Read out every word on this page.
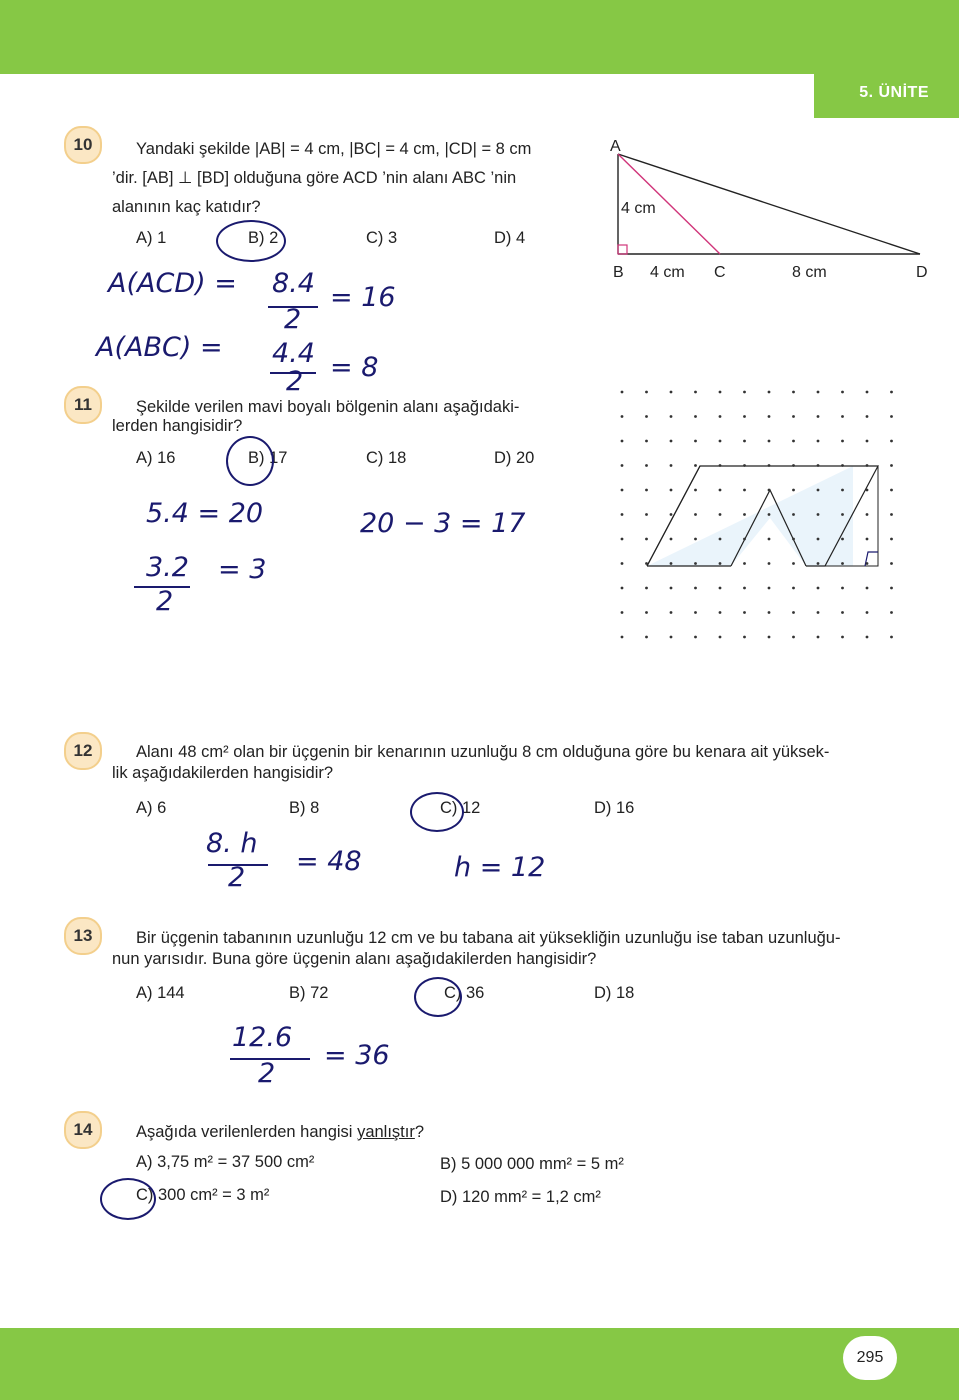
5. ÜNİTE
295
10	Yandaki şekilde |AB| = 4 cm, |BC| = 4 cm, |CD| = 8 cm
’dir. [AB] ⊥ [BD] olduğuna göre ACD ’nin alanı ABC ’nin
alanının kaç katıdır?
A) 1	B) 2	C) 3	D) 4
A
B	C	D
4 cm
4 cm	8 cm
A(ACD) = 8.4
2
= 16
A(ABC) = 4.4
2 = 8
11	Şekilde verilen mavi boyalı bölgenin alanı aşağıdaki-
lerden hangisidir?
A) 16	B) 17	C) 18	D) 20
5.4 = 20
3.2
2
= 3
20 − 3 = 17
12	Alanı 48 cm² olan bir üçgenin bir kenarının uzunluğu 8 cm olduğuna göre bu kenara ait yüksek-
lik aşağıdakilerden hangisidir?
A) 6	B) 8	C) 12	D) 16
8. h
2
= 48	h = 12
13	Bir üçgenin tabanının uzunluğu 12 cm ve bu tabana ait yüksekliğin uzunluğu ise taban uzunluğu-
nun yarısıdır. Buna göre üçgenin alanı aşağıdakilerden hangisidir?
A) 144	B) 72	C) 36	D) 18
12.6
2
= 36
14	Aşağıda verilenlerden hangisi yanlıştır?
A) 3,75 m² = 37 500 cm²	B) 5 000 000 mm² = 5 m²
C) 300 cm² = 3 m²	D) 120 mm² = 1,2 cm²
